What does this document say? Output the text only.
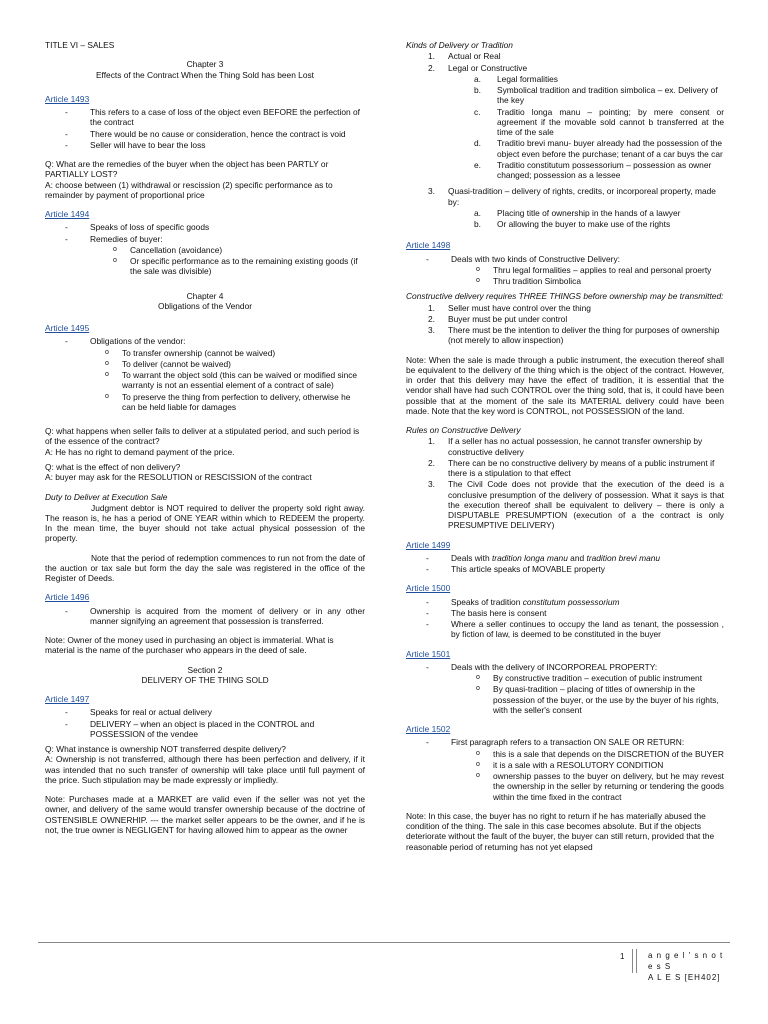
TITLE VI – SALES

Chapter 3

Effects of the Contract When the Thing Sold has been Lost

Article 1493
-	This refers to a case of loss of the object even BEFORE the perfection of the contract
-	There would be no cause or consideration, hence the contract is void
-	Seller will have to bear the loss

Q: What are the remedies of the buyer when the object has been PARTLY or PARTIALLY LOST?

A: choose between (1) withdrawal or rescission (2) specific performance as to remainder by payment of proportional price

Article 1494
-	Speaks of loss of specific goods
-	Remedies of buyer:
o	Cancellation (avoidance)
o	Or specific performance as to the remaining existing goods (if the sale was divisible)

Chapter 4

Obligations of the Vendor

Article 1495
-	Obligations of the vendor:
o	To transfer ownership (cannot be waived)
o	To deliver (cannot be waived)
o	To warrant the object sold (this can be waived or modified since warranty is not an essential element of a contract of sale)
o	To preserve the thing from perfection to delivery, otherwise he can be held liable for damages

Q: what happens when seller fails to deliver at a stipulated period, and such period is of the essence of the contract?

A: He has no right to demand payment of the price.

Q: what is the effect of non delivery?

A: buyer may ask for the RESOLUTION or RESCISSION of the contract

Duty to Deliver at Execution Sale

Judgment debtor is NOT required to deliver the property sold right away. The reason is, he has a period of ONE YEAR within which to REDEEM the property. In the mean time, the buyer should not take actual physical possession of the property.

Note that the period of redemption commences to run not from the date of the auction or tax sale but form the day the sale was registered in the office of the Register of Deeds.

Article 1496
-	Ownership is acquired from the moment of delivery or in any other manner signifying an agreement that possession is transferred.

Note: Owner of the money used in purchasing an object is immaterial. What is material is the name of the purchaser who appears in the deed of sale.

Section 2

DELIVERY OF THE THING SOLD

Article 1497
-	Speaks for real or actual delivery
-	DELIVERY – when an object is placed in the CONTROL and POSSESSION of the vendee

Q: What instance is ownership NOT transferred despite delivery?

A: Ownership is not transferred, although there has been perfection and delivery, if it was intended that no such transfer of ownership will take place until full payment of the price. Such stipulation may be made expressly or impliedly.

Note: Purchases made at a MARKET are valid even if the seller was not yet the owner, and delivery of the same would transfer ownership because of the doctrine of OSTENSIBLE OWNERHIP. --- the market seller appears to be the owner, and if he is not, the true owner is NEGLIGENT for having allowed him to appear as the owner

Kinds of Delivery or Tradition

1.	Actual or Real
2.	Legal or Constructive
a.	Legal formalities
b.	Symbolical tradition and tradition simbolica – ex. Delivery of the key
c.	Traditio longa manu – pointing; by mere consent or agreement if the movable sold cannot b transferred at the time of the sale
d.	Traditio brevi manu- buyer already had the possession of the object even before the purchase; tenant of a car buys the car
e.	Traditio constitutum possessorium – possession as owner changed; possession as a lessee
3.	Quasi-tradition – delivery of rights, credits, or incorporeal property, made by:
a.	Placing title of ownership in the hands of a lawyer
b.	Or allowing the buyer to make use of the rights
Article 1498
-	Deals with two kinds of Constructive Delivery:
o	Thru legal formalities – applies to real and personal proerty
o	Thru tradition Simbolica

Constructive delivery requires THREE THINGS before ownership may be transmitted:

1.	Seller must have control over the thing
2.	Buyer must be put under control
3.	There must be the intention to deliver the thing for purposes of ownership (not merely to allow inspection)

Note: When the sale is made through a public instrument, the execution thereof shall be equivalent to the delivery of the thing which is the object of the contract. However, in order that this delivery may have the effect of tradition, it is essential that the vendor shall have had such CONTROL over the thing sold, that is, it could have been possible that at the moment of the sale its MATERIAL delivery could have been made. Note that the key word is CONTROL, not POSSESSION of the land.

Rules on Constructive Delivery

1.	If a seller has no actual possession, he cannot transfer ownership by constructive delivery
2.	There can be no constructive delivery by means of a public instrument if there is a stipulation to that effect
3.	The Civil Code does not provide that the execution of the deed is a conclusive presumption of the delivery of possession. What it says is that the execution thereof shall be equivalent to delivery – there is only a DISPUTABLE PRESUMPTION (execution of a the contract is only PRESUMPTIVE DELIVERY)
Article 1499
-	Deals with tradition longa manu and tradition brevi manu
-	This article speaks of MOVABLE property
Article 1500
-	Speaks of tradition constitutum possessorium
-	The basis here is consent
-	Where a seller continues to occupy the land as tenant, the possession , by fiction of law, is deemed to be constituted in the buyer
Article 1501
-	Deals with the delivery of INCORPOREAL PROPERTY:
o	By constructive tradition – execution of public instrument
o	By quasi-tradition – placing of titles of ownership in the possession of the buyer, or the use by the buyer of his rights, with the seller's consent
Article 1502
-	First paragraph refers to a transaction ON SALE OR RETURN:
o	this is a sale that depends on the DISCRETION of the BUYER
o	it is a sale with a RESOLUTORY CONDITION
o	ownership passes to the buyer on delivery, but he may revest the ownership in the seller by returning or tendering the goods within the time fixed in the contract

Note: In this case, the buyer has no right to return if he has materially abused the condition of the thing. The sale in this case becomes absolute. But if the objects deteriorate without the fault of the buyer, the buyer can still return, provided that the reasonable period of returning has not yet elapsed

1	a n g e l ' s n o t e s S
A L E S [EH402]
